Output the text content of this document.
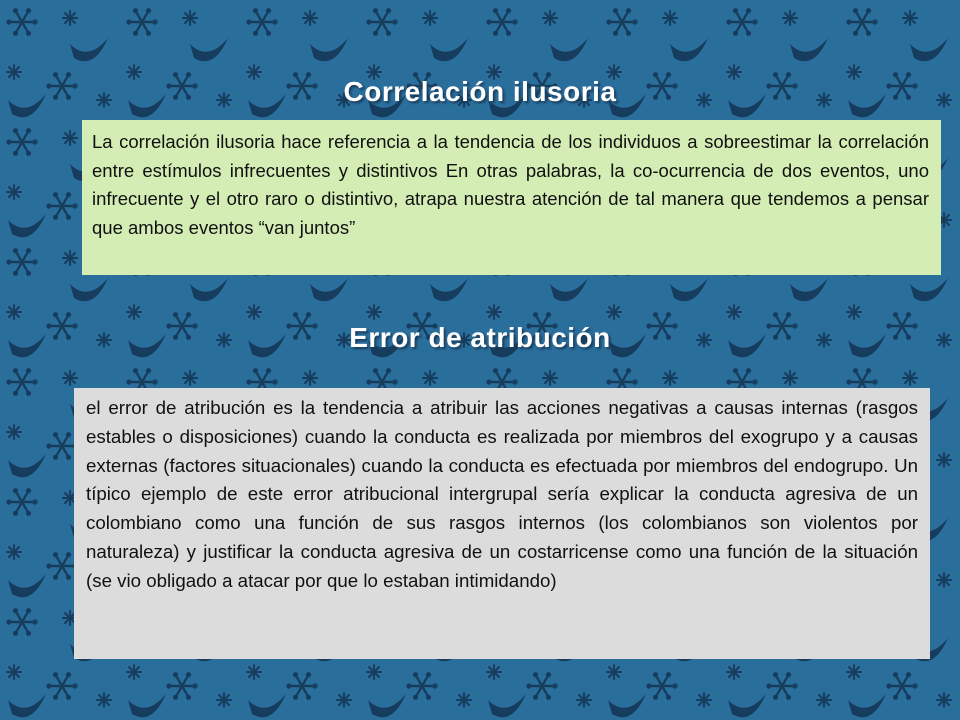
Correlación ilusoria
La correlación ilusoria hace referencia a la tendencia de los individuos a sobreestimar la correlación entre estímulos infrecuentes y distintivos En otras palabras, la co-ocurrencia de dos eventos, uno infrecuente y el otro raro o distintivo, atrapa nuestra atención de tal manera que tendemos a pensar que ambos eventos “van juntos”
Error de atribución
el error de atribución es la tendencia a atribuir las acciones negativas a causas internas (rasgos estables o disposiciones) cuando la conducta es realizada por miembros del exogrupo y a causas externas (factores situacionales) cuando la conducta es efectuada por miembros del endogrupo. Un típico ejemplo de este error atribucional intergrupal sería explicar la conducta agresiva de un colombiano como una función de sus rasgos internos (los colombianos son violentos por naturaleza) y justificar la conducta agresiva de un costarricense como una función de la situación (se vio obligado a atacar por que lo estaban intimidando)
